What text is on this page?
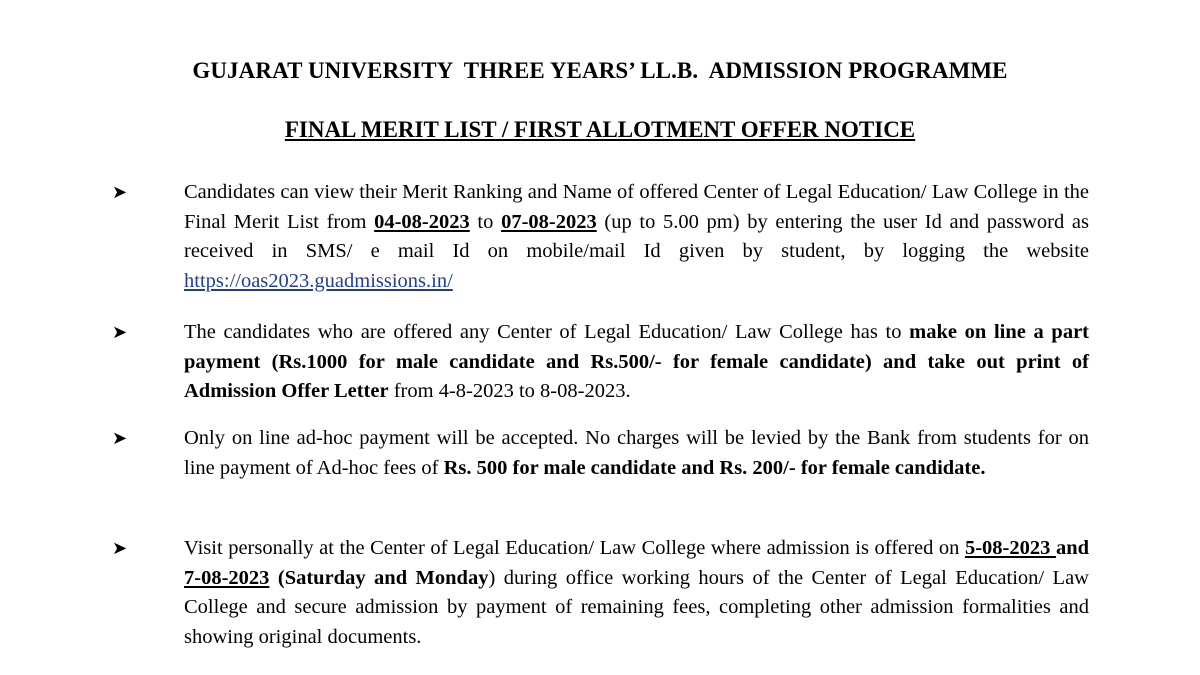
GUJARAT UNIVERSITY  THREE YEARS’ LL.B.  ADMISSION PROGRAMME
FINAL MERIT LIST / FIRST ALLOTMENT OFFER NOTICE
➤	Candidates can view their Merit Ranking and Name of offered Center of Legal Education/ Law College in the Final Merit List from 04-08-2023 to 07-08-2023 (up to 5.00 pm) by entering the user Id and password as received in SMS/ e mail Id on mobile/mail Id given by student, by logging the website https://oas2023.guadmissions.in/
➤	The candidates who are offered any Center of Legal Education/ Law College has to make on line a part payment (Rs.1000 for male candidate and Rs.500/- for female candidate) and take out print of Admission Offer Letter from 4-8-2023 to 8-08-2023.
➤	Only on line ad-hoc payment will be accepted. No charges will be levied by the Bank from students for on line payment of Ad-hoc fees of Rs. 500 for male candidate and Rs. 200/- for female candidate.
➤	Visit personally at the Center of Legal Education/ Law College where admission is offered on 5-08-2023 and 7-08-2023 (Saturday and Monday) during office working hours of the Center of Legal Education/ Law College and secure admission by payment of remaining fees, completing other admission formalities and showing original documents.
